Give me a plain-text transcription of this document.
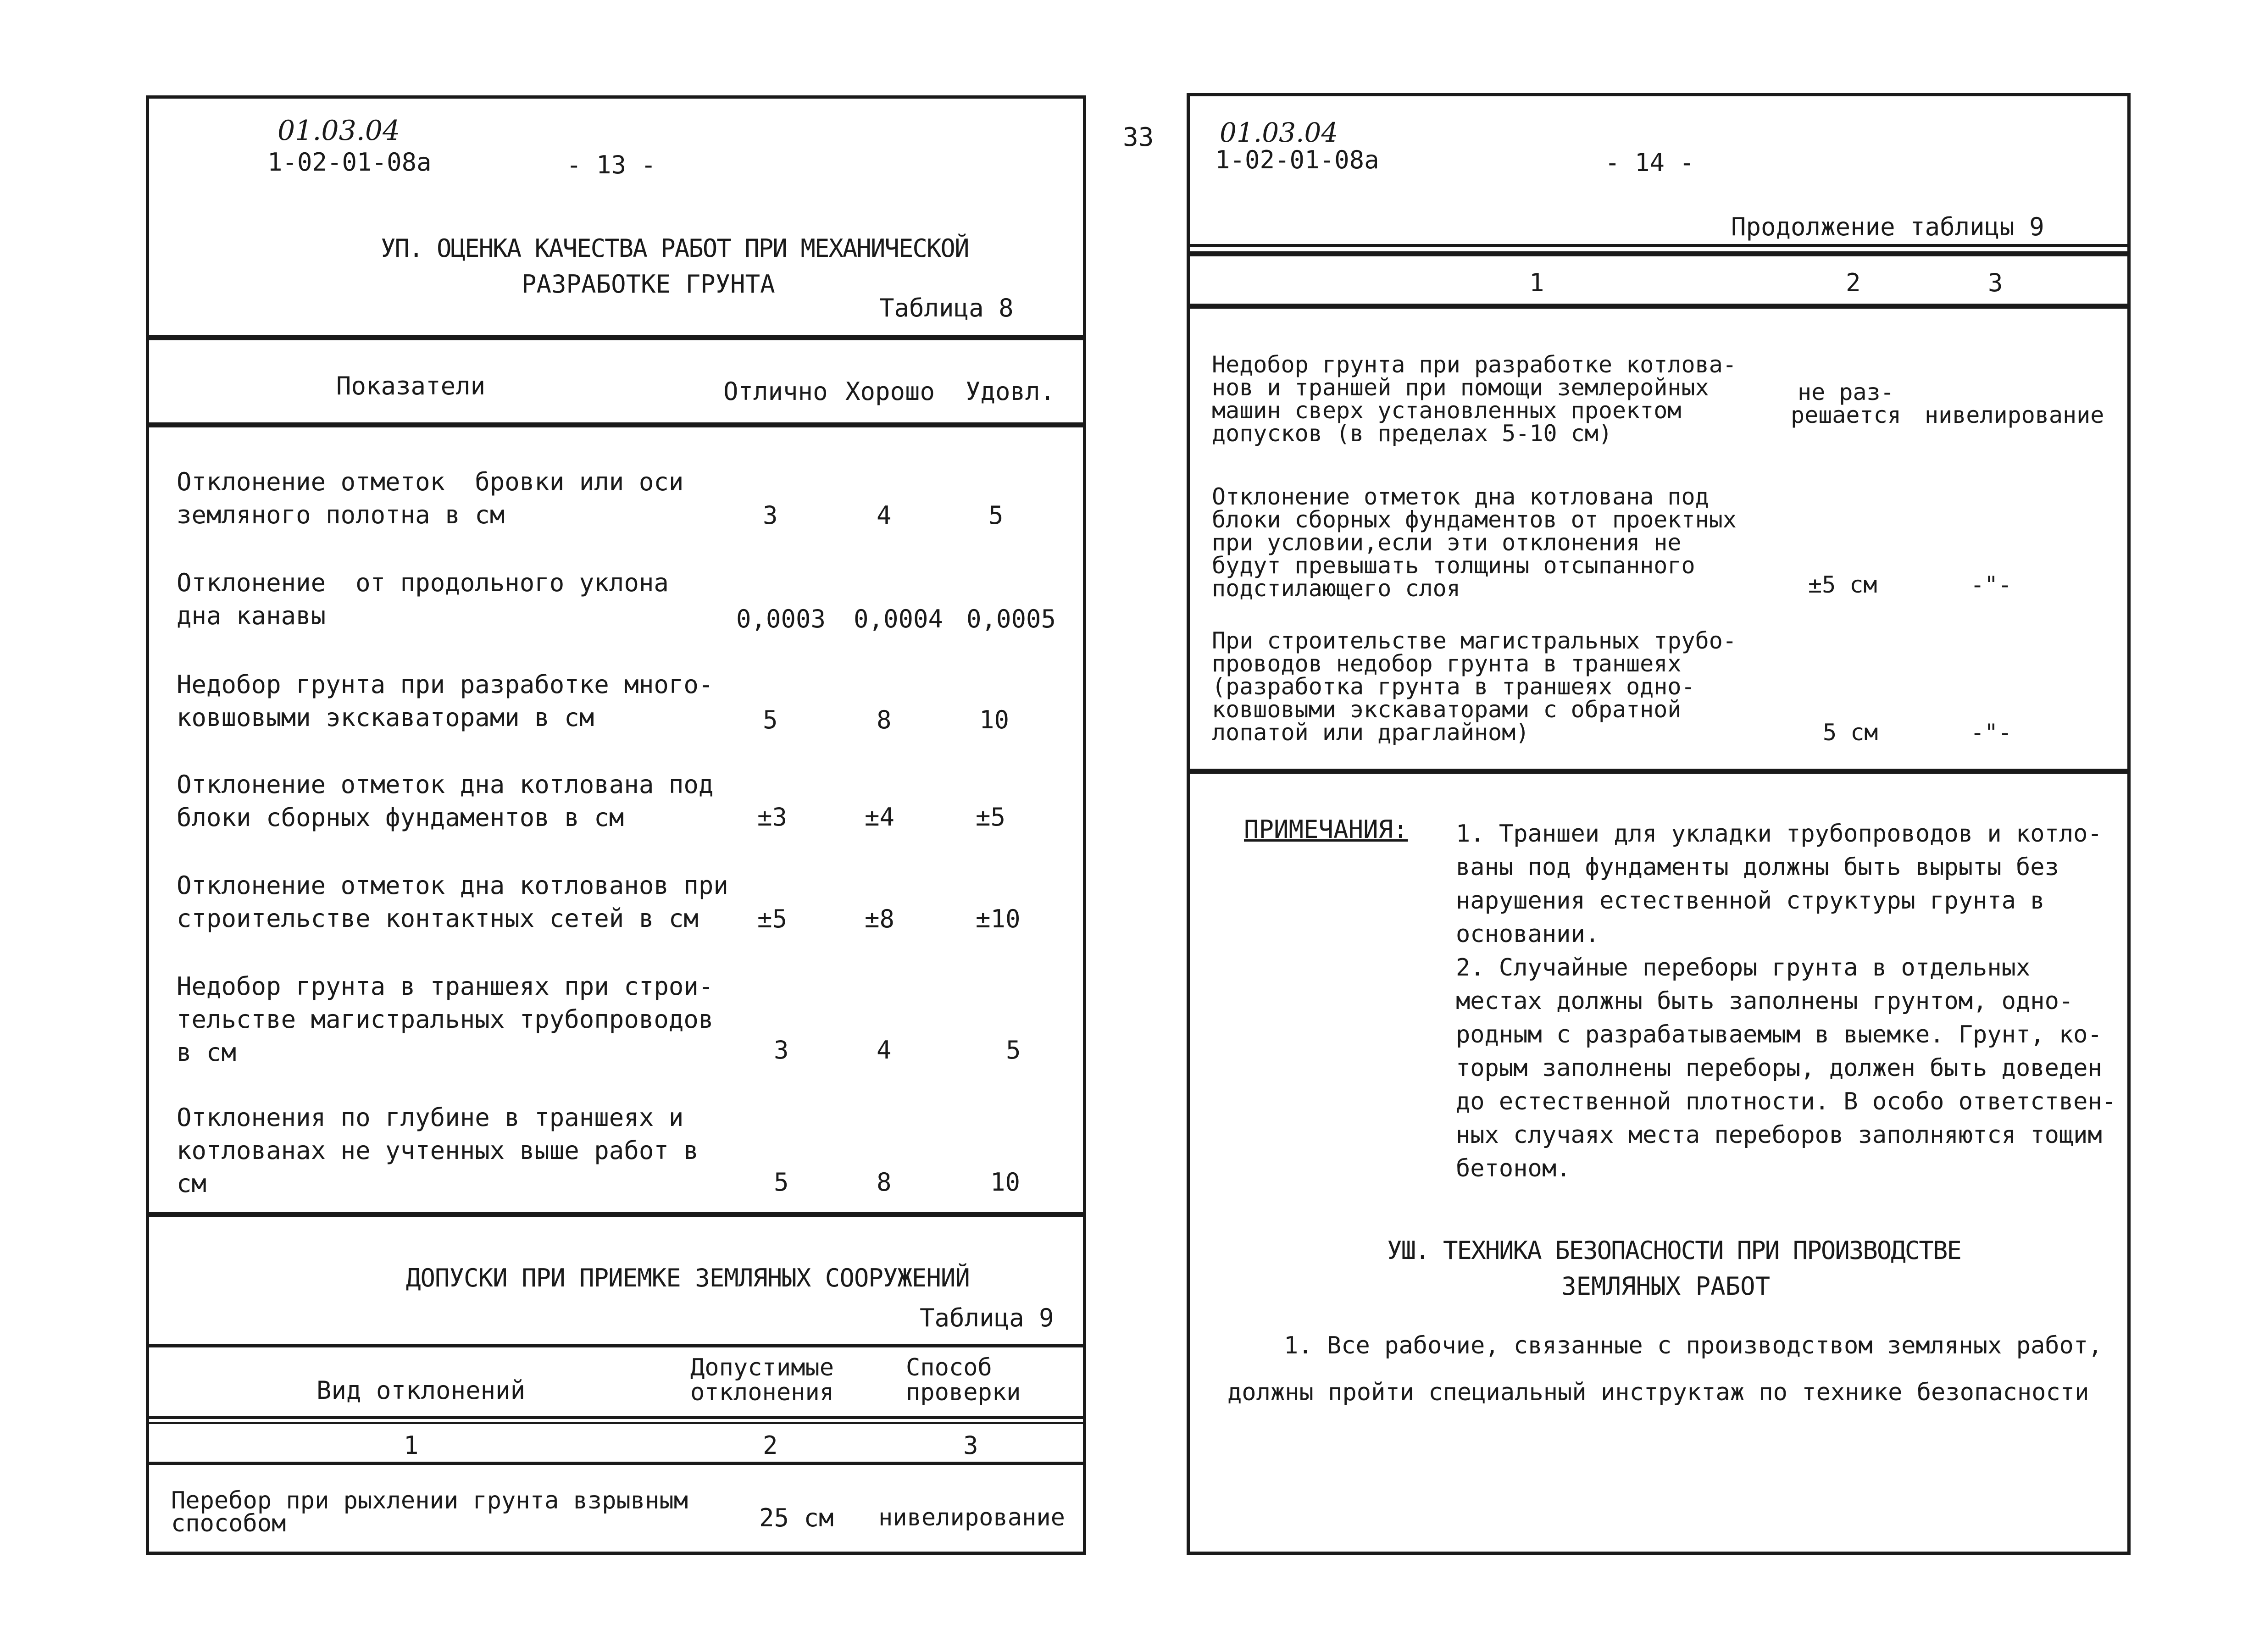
33
01.03.04
1-02-01-08а	- 13 -
УП. ОЦЕНКА КАЧЕСТВА РАБОТ ПРИ МЕХАНИЧЕСКОЙ
РАЗРАБОТКЕ ГРУНТА
Таблица 8
Показатели	Отлично Хорошо Удовл.
Отклонение отметок  бровки или оси
земляного полотна в см	3	4	5
Отклонение  от продольного уклона
дна канавы	0,0003 0,0004 0,0005
Недобор грунта при разработке много-
ковшовыми экскаваторами в см	5	8	10
Отклонение отметок дна котлована под
блоки сборных фундаментов в см	±3	±4	±5
Отклонение отметок дна котлованов при
строительстве контактных сетей в см	±5	±8	±10
Недобор грунта в траншеях при строи-
тельстве магистральных трубопроводов
в см	3	4	5
Отклонения по глубине в траншеях и
котлованах не учтенных выше работ в
см	5	8	10
ДОПУСКИ ПРИ ПРИЕМКЕ ЗЕМЛЯНЫХ СООРУЖЕНИЙ
Таблица 9
Вид отклонений
Допустимые
отклонения
Способ
проверки
1	2	3
Перебор при рыхлении грунта взрывным
способом	25 см нивелирование
01.03.04
1-02-01-08а	- 14 -
Продолжение таблицы 9
1	2	3
Недобор грунта при разработке котлова-
нов и траншей при помощи землеройных
машин сверх установленных проектом
допусков (в пределах 5-10 см)
не раз-
решается нивелирование
Отклонение отметок дна котлована под
блоки сборных фундаментов от проектных
при условии,если эти отклонения не
будут превышать толщины отсыпанного
подстилающего слоя	±5 см	-"-
При строительстве магистральных трубо-
проводов недобор грунта в траншеях
(разработка грунта в траншеях одно-
ковшовыми экскаваторами с обратной
лопатой или драглайном)	5 см	-"-
ПРИМЕЧАНИЯ: 1. Траншеи для укладки трубопроводов и котло-
ваны под фундаменты должны быть вырыты без
нарушения естественной структуры грунта в
основании.
2. Случайные переборы грунта в отдельных
местах должны быть заполнены грунтом, одно-
родным с разрабатываемым в выемке. Грунт, ко-
торым заполнены переборы, должен быть доведен
до естественной плотности. В особо ответствен-
ных случаях места переборов заполняются тощим
бетоном.
УШ. ТЕХНИКА БЕЗОПАСНОСТИ ПРИ ПРОИЗВОДСТВЕ
ЗЕМЛЯНЫХ РАБОТ
1. Все рабочие, связанные с производством земляных работ,
должны пройти специальный инструктаж по технике безопасности
